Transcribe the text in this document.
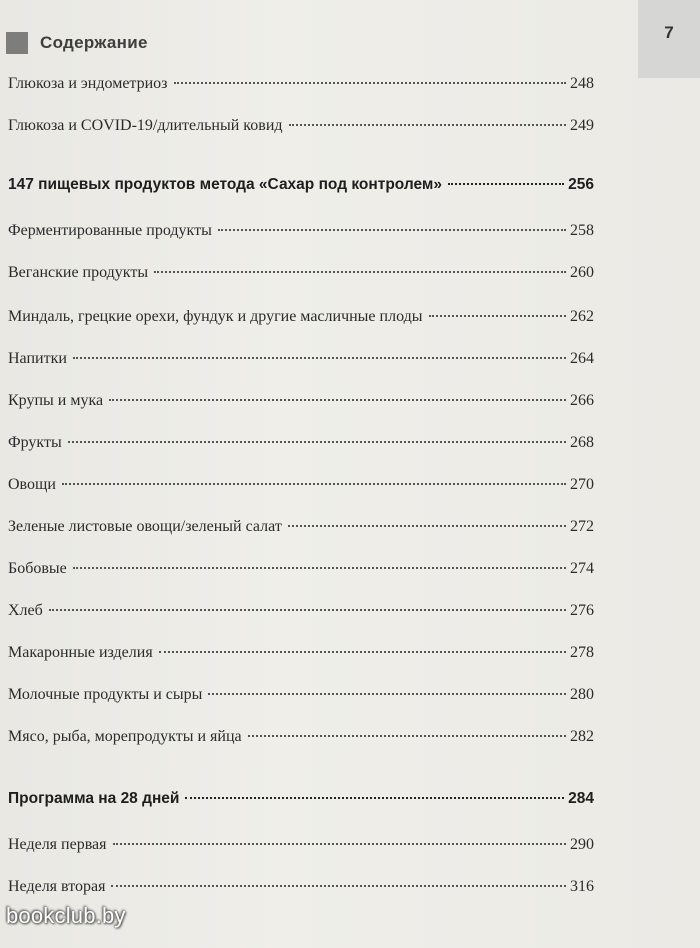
7
Содержание
Глюкоза и эндометриоз	248
Глюкоза и COVID-19/длительный ковид	249
147 пищевых продуктов метода «Сахар под контролем»	256
Ферментированные продукты	258
Веганские продукты	260
Миндаль, грецкие орехи, фундук и другие масличные плоды	262
Напитки	264
Крупы и мука	266
Фрукты	268
Овощи	270
Зеленые листовые овощи/зеленый салат	272
Бобовые	274
Хлеб	276
Макаронные изделия	278
Молочные продукты и сыры	280
Мясо, рыба, морепродукты и яйца	282
Программа на 28 дней	284
Неделя первая	290
Неделя вторая	316
bookclub.by
